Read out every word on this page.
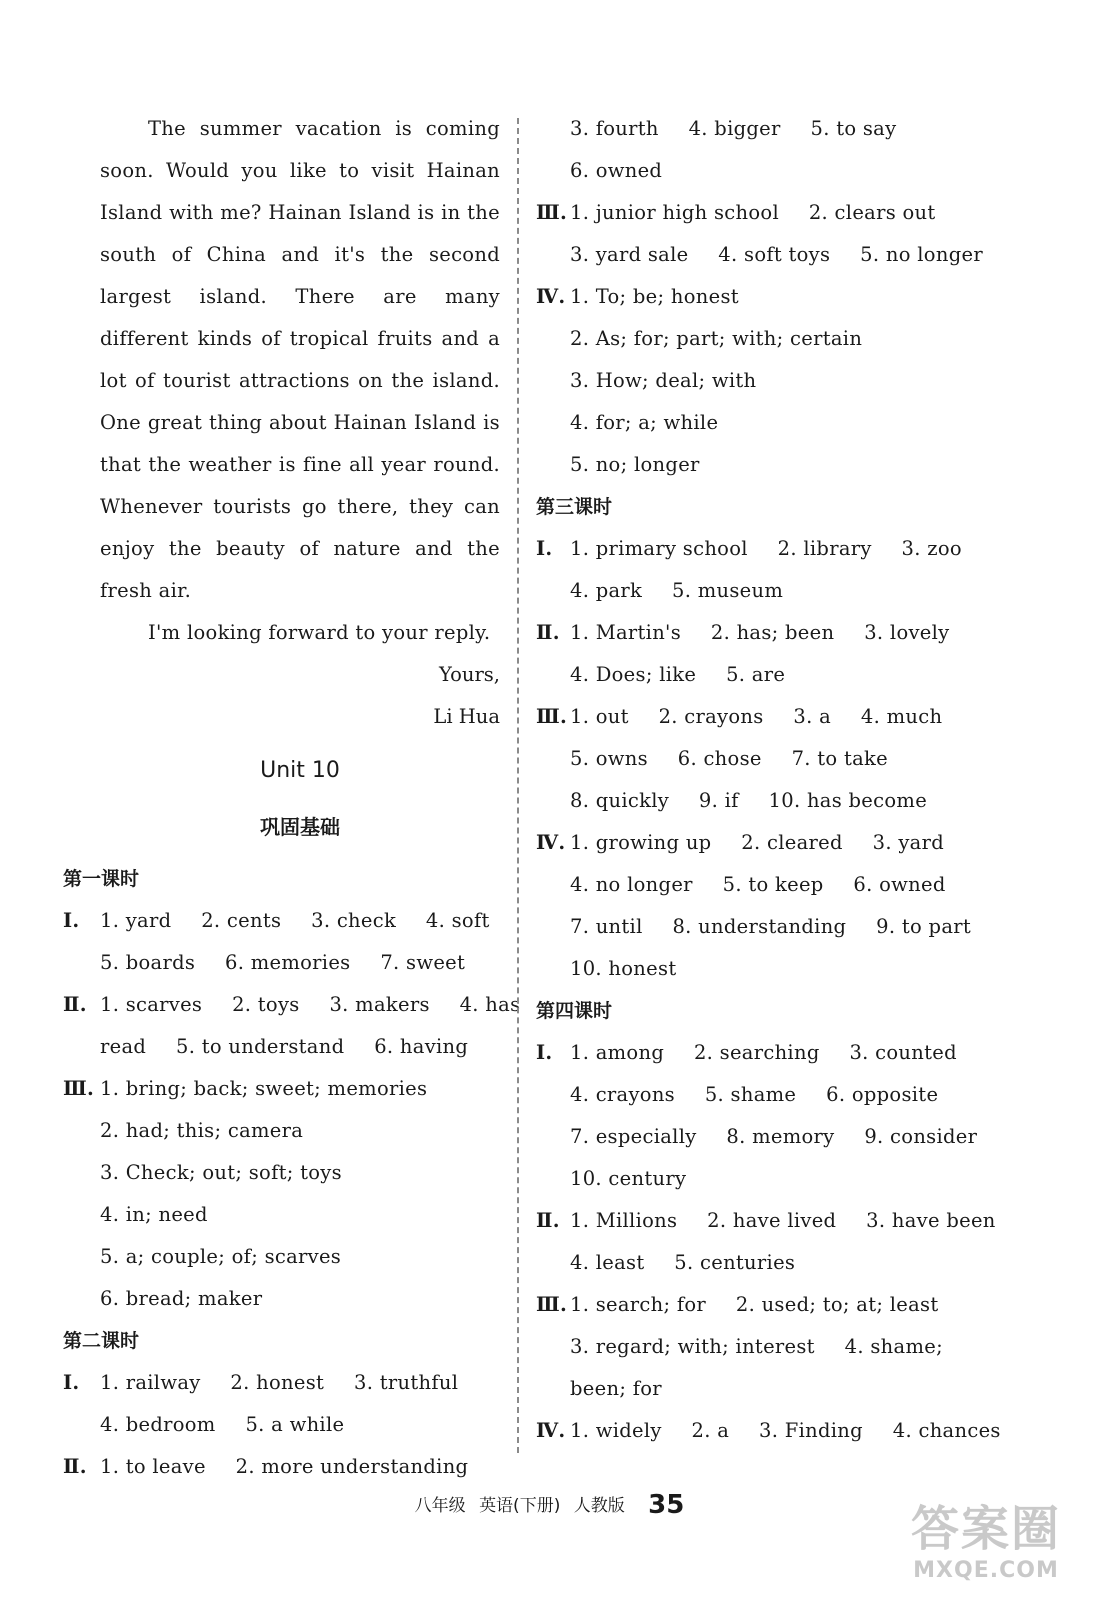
The summer vacation is coming soon. Would you like to visit Hainan Island with me? Hainan Island is in the south of China and it's the second largest island. There are many different kinds of tropical fruits and a lot of tourist attractions on the island. One great thing about Hainan Island is that the weather is fine all year round. Whenever tourists go there, they can enjoy the beauty of nature and the fresh air.
I'm looking forward to your reply.
Yours,
Li Hua
Unit 10
巩固基础
第一课时
Ⅰ. 1. yard  2. cents  3. check  4. soft
5. boards  6. memories  7. sweet
Ⅱ. 1. scarves  2. toys  3. makers  4. has
read  5. to understand  6. having
Ⅲ. 1. bring; back; sweet; memories
2. had; this; camera
3. Check; out; soft; toys
4. in; need
5. a; couple; of; scarves
6. bread; maker
第二课时
Ⅰ. 1. railway  2. honest  3. truthful
4. bedroom  5. a while
Ⅱ. 1. to leave  2. more understanding
3. fourth  4. bigger  5. to say
6. owned
Ⅲ. 1. junior high school  2. clears out
3. yard sale  4. soft toys  5. no longer
Ⅳ. 1. To; be; honest
2. As; for; part; with; certain
3. How; deal; with
4. for; a; while
5. no; longer
第三课时
Ⅰ. 1. primary school  2. library  3. zoo
4. park  5. museum
Ⅱ. 1. Martin's  2. has; been  3. lovely
4. Does; like  5. are
Ⅲ. 1. out  2. crayons  3. a  4. much
5. owns  6. chose  7. to take
8. quickly  9. if  10. has become
Ⅳ. 1. growing up  2. cleared  3. yard
4. no longer  5. to keep  6. owned
7. until  8. understanding  9. to part
10. honest
第四课时
Ⅰ. 1. among  2. searching  3. counted
4. crayons  5. shame  6. opposite
7. especially  8. memory  9. consider
10. century
Ⅱ. 1. Millions  2. have lived  3. have been
4. least  5. centuries
Ⅲ. 1. search; for  2. used; to; at; least
3. regard; with; interest  4. shame;
been; for
Ⅳ. 1. widely  2. a  3. Finding  4. chances
八年级 英语(下册) 人教版 35	答案圈
MXQE.COM
